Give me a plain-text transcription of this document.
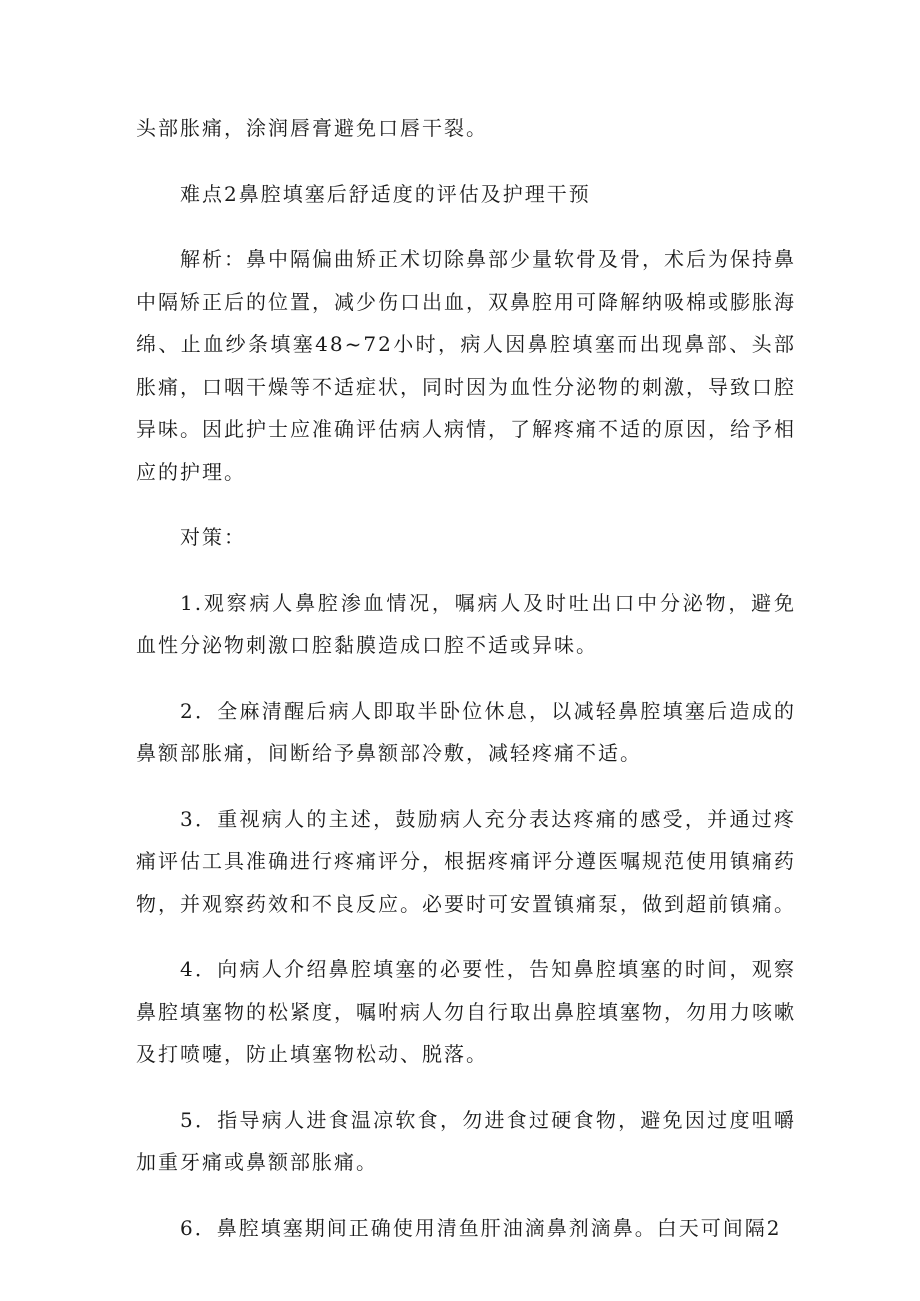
头部胀痛，涂润唇膏避免口唇干裂。

难点2鼻腔填塞后舒适度的评估及护理干预

解析：鼻中隔偏曲矫正术切除鼻部少量软骨及骨，术后为保持鼻中隔矫正后的位置，减少伤口出血，双鼻腔用可降解纳吸棉或膨胀海绵、止血纱条填塞48~72小时，病人因鼻腔填塞而出现鼻部、头部胀痛，口咽干燥等不适症状，同时因为血性分泌物的刺激，导致口腔异味。因此护士应准确评估病人病情，了解疼痛不适的原因，给予相应的护理。

对策：

1.观察病人鼻腔渗血情况，嘱病人及时吐出口中分泌物，避免血性分泌物刺激口腔黏膜造成口腔不适或异味。

2．全麻清醒后病人即取半卧位休息，以减轻鼻腔填塞后造成的鼻额部胀痛，间断给予鼻额部冷敷，减轻疼痛不适。

3．重视病人的主述，鼓励病人充分表达疼痛的感受，并通过疼痛评估工具准确进行疼痛评分，根据疼痛评分遵医嘱规范使用镇痛药物，并观察药效和不良反应。必要时可安置镇痛泵，做到超前镇痛。

4．向病人介绍鼻腔填塞的必要性，告知鼻腔填塞的时间，观察鼻腔填塞物的松紧度，嘱咐病人勿自行取出鼻腔填塞物，勿用力咳嗽及打喷嚏，防止填塞物松动、脱落。

5．指导病人进食温凉软食，勿进食过硬食物，避免因过度咀嚼加重牙痛或鼻额部胀痛。

6．鼻腔填塞期间正确使用清鱼肝油滴鼻剂滴鼻。白天可间隔2
